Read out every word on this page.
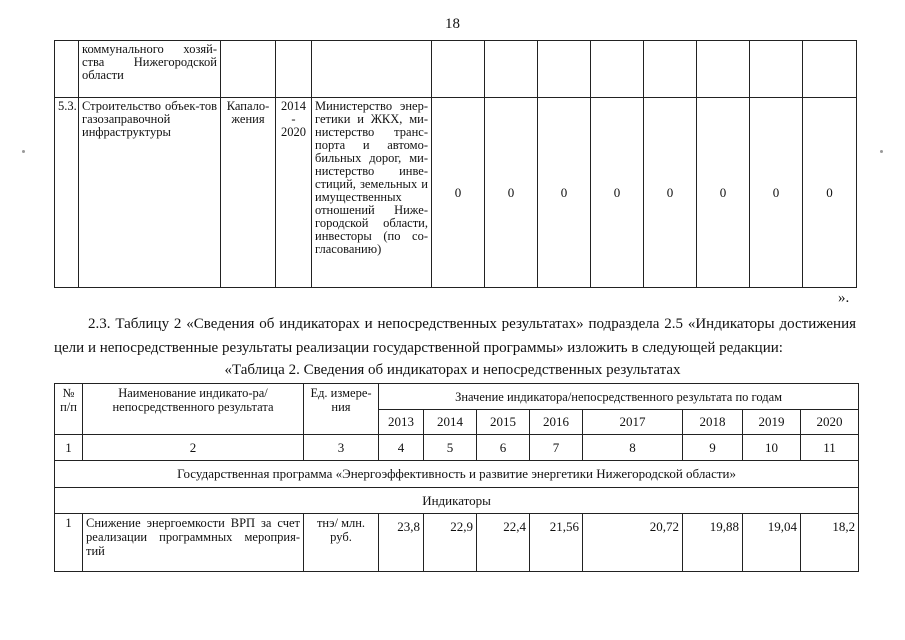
18
	коммунального хозяй-ства Нижегородской области											
5.3.	Строительство объек-тов газозаправочной инфраструктуры	Капало-жения	2014 - 2020	Министерство энер-гетики и ЖКХ, ми-нистерство транс-порта и автомо-бильных дорог, ми-нистерство инве-стиций, земельных и имущественных отношений Ниже-городской области, инвесторы (по со-гласованию)	0	0	0	0	0	0	0	0
».
2.3. Таблицу 2 «Сведения об индикаторах и непосредственных результатах» подраздела 2.5 «Индикаторы достижения цели и непосредственные результаты реализации государственной программы» изложить в следующей редакции:
«Таблица 2. Сведения об индикаторах и непосредственных результатах
№ п/п	Наименование индикато-ра/непосредственного результата	Ед. измере-ния	Значение индикатора/непосредственного результата по годам							
			2013	2014	2015	2016	2017	2018	2019	2020
1	2	3	4	5	6	7	8	9	10	11
Государственная программа «Энергоэффективность и развитие энергетики Нижегородской области»										
Индикаторы										
1	Снижение энергоемкости ВРП за счет реализации программных мероприя-тий	тнэ/ млн. руб.	23,8	22,9	22,4	21,56	20,72	19,88	19,04	18,2
